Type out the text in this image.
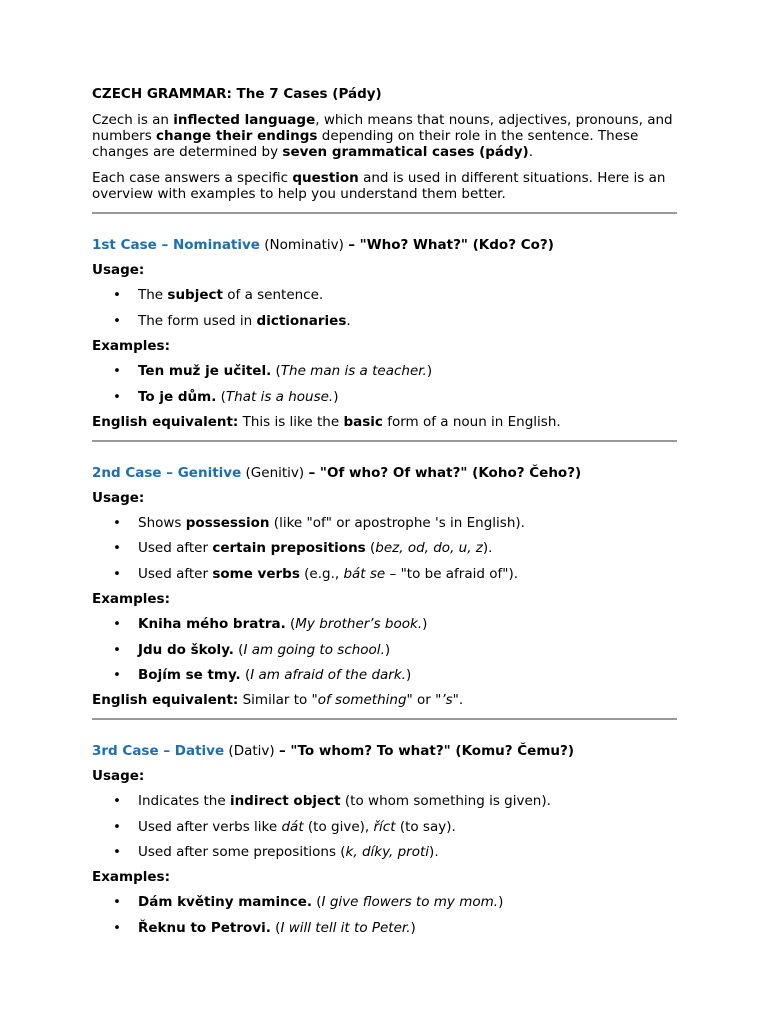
CZECH GRAMMAR: The 7 Cases (Pády)

Czech is an inflected language, which means that nouns, adjectives, pronouns, and numbers change their endings depending on their role in the sentence. These changes are determined by seven grammatical cases (pády).

Each case answers a specific question and is used in different situations. Here is an overview with examples to help you understand them better.

1st Case – Nominative (Nominativ) – "Who? What?" (Kdo? Co?)

Usage:

• The subject of a sentence.
• The form used in dictionaries.

Examples:

• Ten muž je učitel. (The man is a teacher.)
• To je dům. (That is a house.)

English equivalent: This is like the basic form of a noun in English.

2nd Case – Genitive (Genitiv) – "Of who? Of what?" (Koho? Čeho?)

Usage:

• Shows possession (like "of" or apostrophe 's in English).
• Used after certain prepositions (bez, od, do, u, z).
• Used after some verbs (e.g., bát se – "to be afraid of").

Examples:

• Kniha mého bratra. (My brother’s book.)
• Jdu do školy. (I am going to school.)
• Bojím se tmy. (I am afraid of the dark.)

English equivalent: Similar to "of something" or "’s".

3rd Case – Dative (Dativ) – "To whom? To what?" (Komu? Čemu?)

Usage:

• Indicates the indirect object (to whom something is given).
• Used after verbs like dát (to give), říct (to say).
• Used after some prepositions (k, díky, proti).

Examples:

• Dám květiny mamince. (I give flowers to my mom.)
• Řeknu to Petrovi. (I will tell it to Peter.)
